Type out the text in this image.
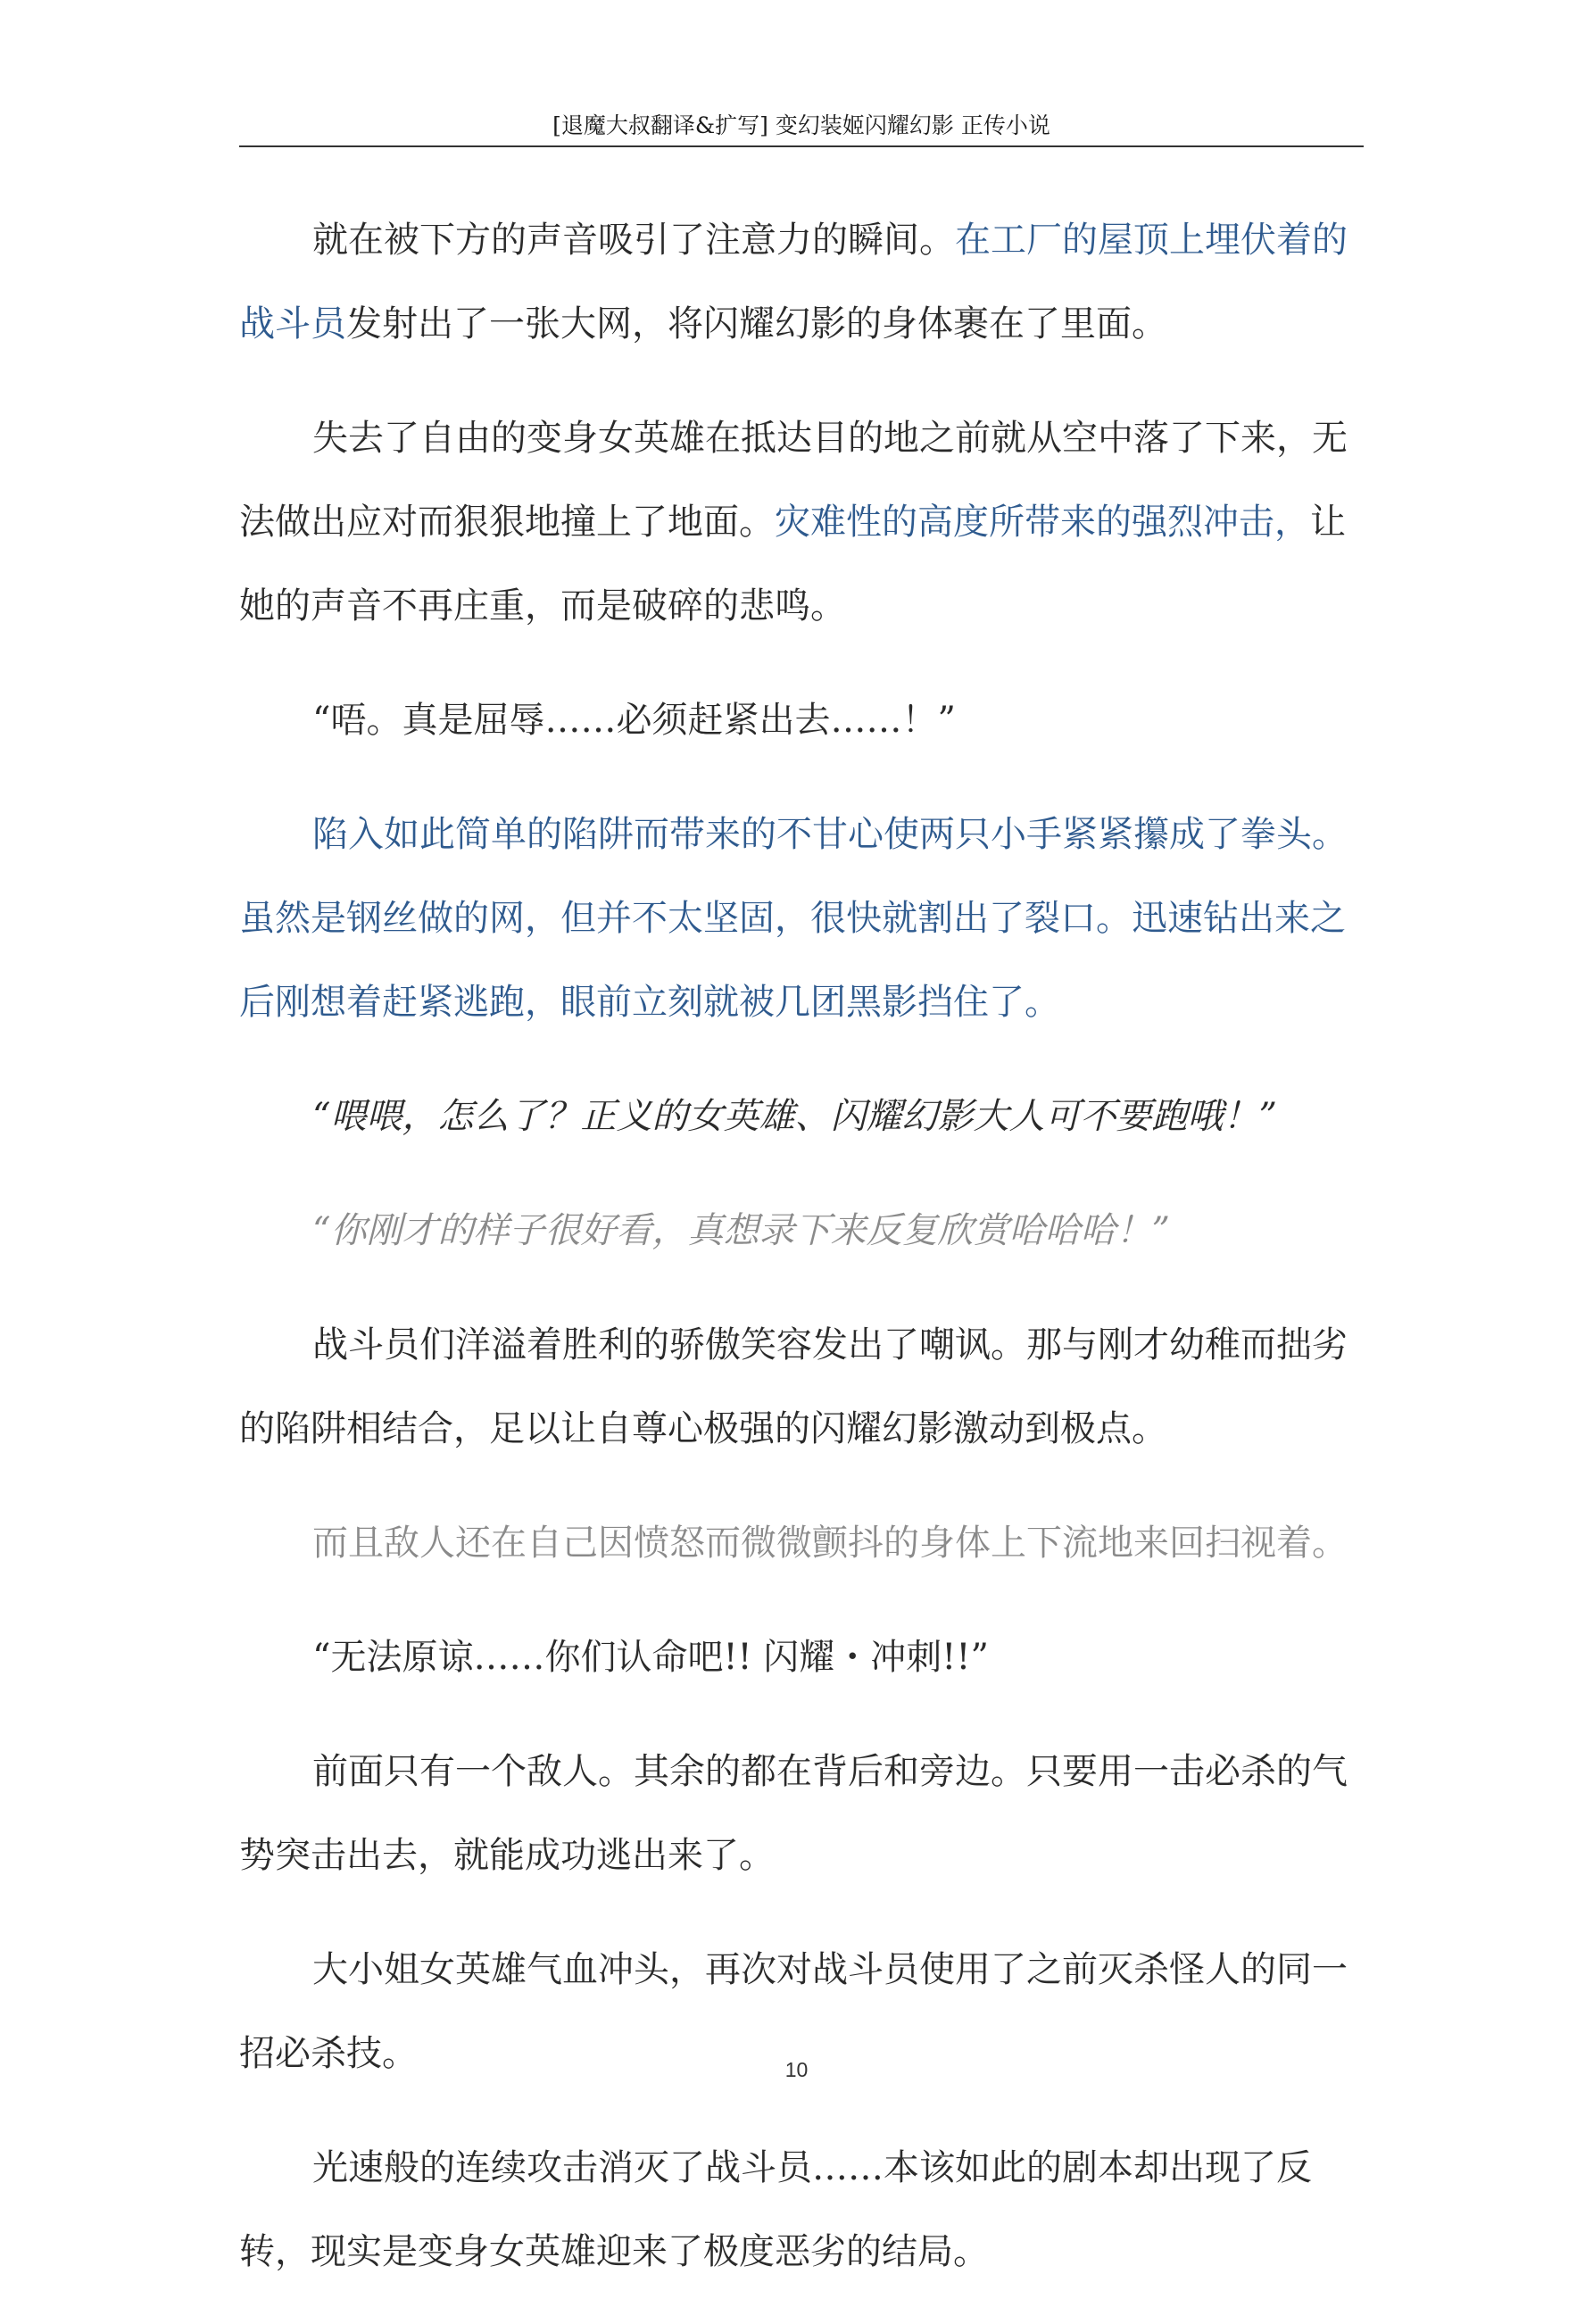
[退魔大叔翻译&扩写] 变幻装姬闪耀幻影 正传小说

就在被下方的声音吸引了注意力的瞬间。在工厂的屋顶上埋伏着的战斗员发射出了一张大网，将闪耀幻影的身体裹在了里面。

失去了自由的变身女英雄在抵达目的地之前就从空中落了下来，无法做出应对而狠狠地撞上了地面。灾难性的高度所带来的强烈冲击，让她的声音不再庄重，而是破碎的悲鸣。

“唔。真是屈辱……必须赶紧出去……！”

陷入如此简单的陷阱而带来的不甘心使两只小手紧紧攥成了拳头。虽然是钢丝做的网，但并不太坚固，很快就割出了裂口。迅速钻出来之后刚想着赶紧逃跑，眼前立刻就被几团黑影挡住了。

“喂喂，怎么了？正义的女英雄、闪耀幻影大人可不要跑哦！”

“你刚才的样子很好看，真想录下来反复欣赏哈哈哈！”

战斗员们洋溢着胜利的骄傲笑容发出了嘲讽。那与刚才幼稚而拙劣的陷阱相结合，足以让自尊心极强的闪耀幻影激动到极点。

而且敌人还在自己因愤怒而微微颤抖的身体上下流地来回扫视着。

“无法原谅……你们认命吧!! 闪耀・冲刺!!”

前面只有一个敌人。其余的都在背后和旁边。只要用一击必杀的气势突击出去，就能成功逃出来了。

大小姐女英雄气血冲头，再次对战斗员使用了之前灭杀怪人的同一招必杀技。

光速般的连续攻击消灭了战斗员……本该如此的剧本却出现了反转，现实是变身女英雄迎来了极度恶劣的结局。

10
